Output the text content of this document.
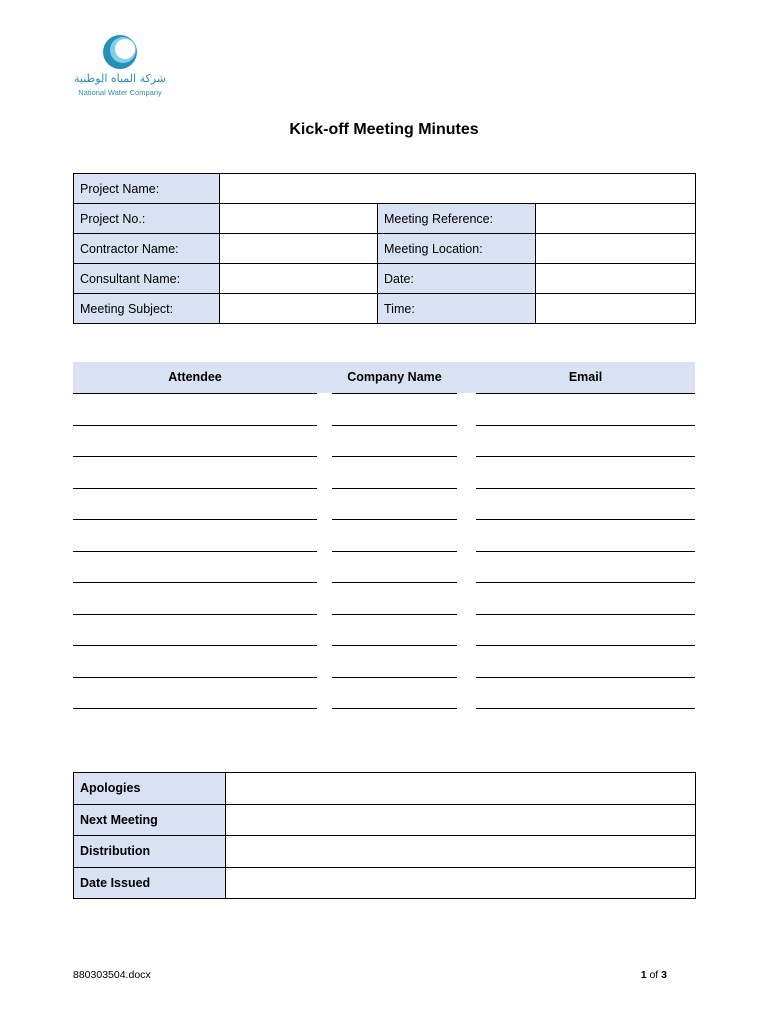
شركة المياه الوطنية
National Water Company
Kick-off Meeting Minutes
Project Name:			
Project No.:		Meeting Reference:	
Contractor Name:		Meeting Location:	
Consultant Name:		Date:	
Meeting Subject:		Time:	
Attendee	Company Name	Email
Apologies	
Next Meeting	
Distribution	
Date Issued	
880303504.docx	1 of 3
